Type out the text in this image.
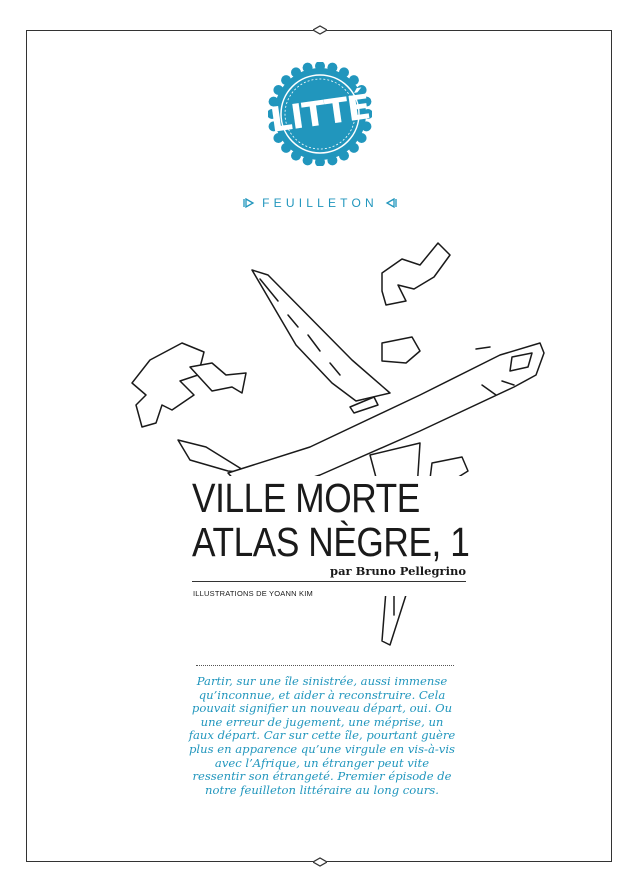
LITTÉ
FEUILLETON
VILLE MORTE
ATLAS NÈGRE, 1
par Bruno Pellegrino
ILLUSTRATIONS DE YOANN KIM
Partir, sur une île sinistrée, aussi immense qu’inconnue, et aider à reconstruire. Cela pouvait signifier un nouveau départ, oui. Ou une erreur de jugement, une méprise, un faux départ. Car sur cette île, pourtant guère plus en apparence qu’une virgule en vis-à-vis avec l’Afrique, un étranger peut vite ressentir son étrangeté. Premier épisode de notre feuilleton littéraire au long cours.
